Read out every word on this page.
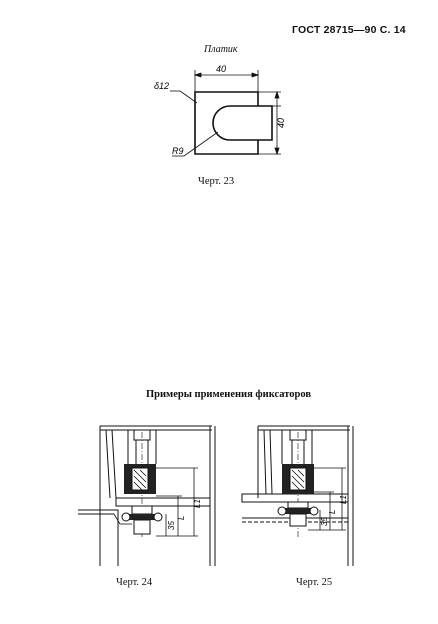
ГОСТ 28715—90 С. 14
Платик
40
40
δ12
R9
Черт. 23
Примеры применения фиксаторов
L1
L
35
Черт. 24
L1
L
35
Черт. 25
